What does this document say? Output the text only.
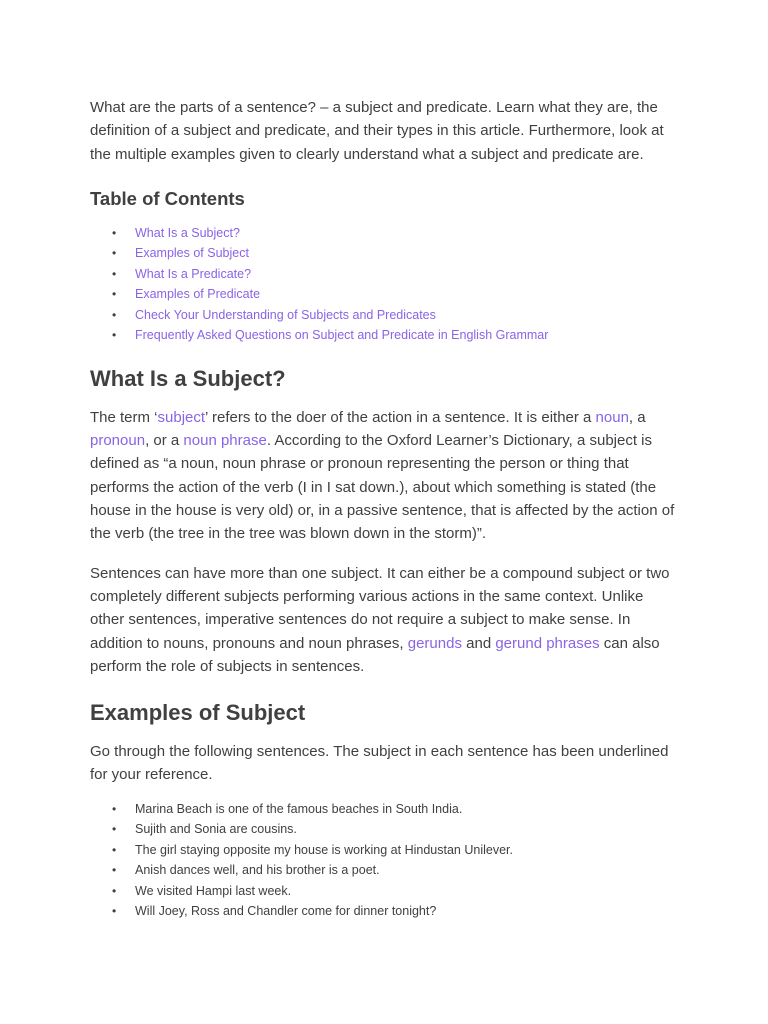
What are the parts of a sentence? – a subject and predicate. Learn what they are, the definition of a subject and predicate, and their types in this article. Furthermore, look at the multiple examples given to clearly understand what a subject and predicate are.

Table of Contents
• What Is a Subject?
• Examples of Subject
• What Is a Predicate?
• Examples of Predicate
• Check Your Understanding of Subjects and Predicates
• Frequently Asked Questions on Subject and Predicate in English Grammar
What Is a Subject?

The term ‘subject’ refers to the doer of the action in a sentence. It is either a noun, a pronoun, or a noun phrase. According to the Oxford Learner’s Dictionary, a subject is defined as “a noun, noun phrase or pronoun representing the person or thing that performs the action of the verb (I in I sat down.), about which something is stated (the house in the house is very old) or, in a passive sentence, that is affected by the action of the verb (the tree in the tree was blown down in the storm)”.

Sentences can have more than one subject. It can either be a compound subject or two completely different subjects performing various actions in the same context. Unlike other sentences, imperative sentences do not require a subject to make sense. In addition to nouns, pronouns and noun phrases, gerunds and gerund phrases can also perform the role of subjects in sentences.

Examples of Subject

Go through the following sentences. The subject in each sentence has been underlined for your reference.

• Marina Beach is one of the famous beaches in South India.
• Sujith and Sonia are cousins.
• The girl staying opposite my house is working at Hindustan Unilever.
• Anish dances well, and his brother is a poet.
• We visited Hampi last week.
• Will Joey, Ross and Chandler come for dinner tonight?
